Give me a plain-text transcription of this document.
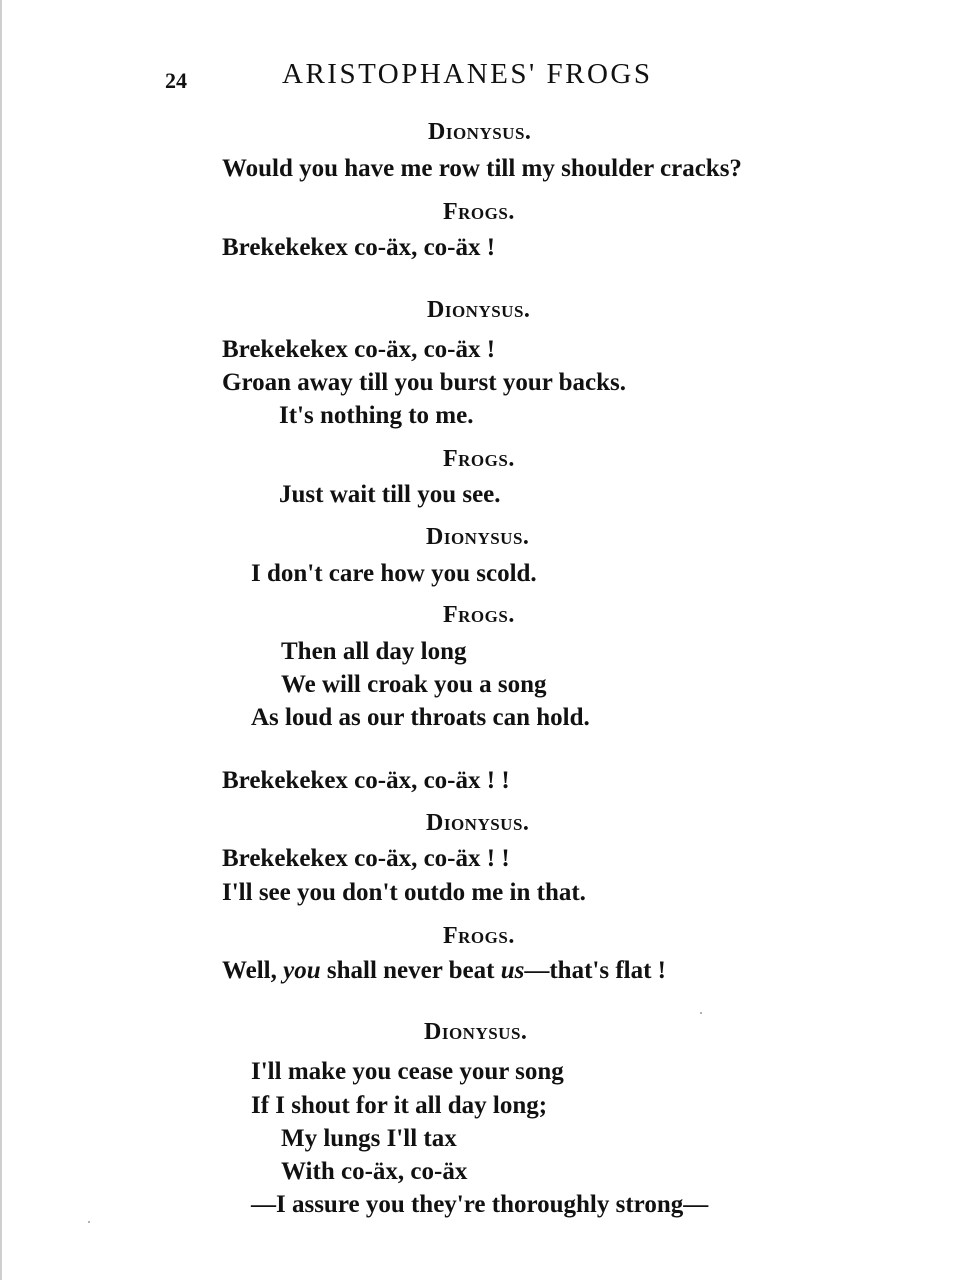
24	ARISTOPHANES' FROGS
Dionysus.
Would you have me row till my shoulder cracks?
Frogs.
Brekekekex co-äx, co-äx !
Dionysus.
Brekekekex co-äx, co-äx !
Groan away till you burst your backs.
It's nothing to me.
Frogs.
Just wait till you see.
Dionysus.
I don't care how you scold.
Frogs.
Then all day long
We will croak you a song
As loud as our throats can hold.
Brekekekex co-äx, co-äx ! !
Dionysus.
Brekekekex co-äx, co-äx ! !
I'll see you don't outdo me in that.
Frogs.
Well, you shall never beat us—that's flat !
Dionysus.
I'll make you cease your song
If I shout for it all day long;
My lungs I'll tax
With co-äx, co-äx
—I assure you they're thoroughly strong—
